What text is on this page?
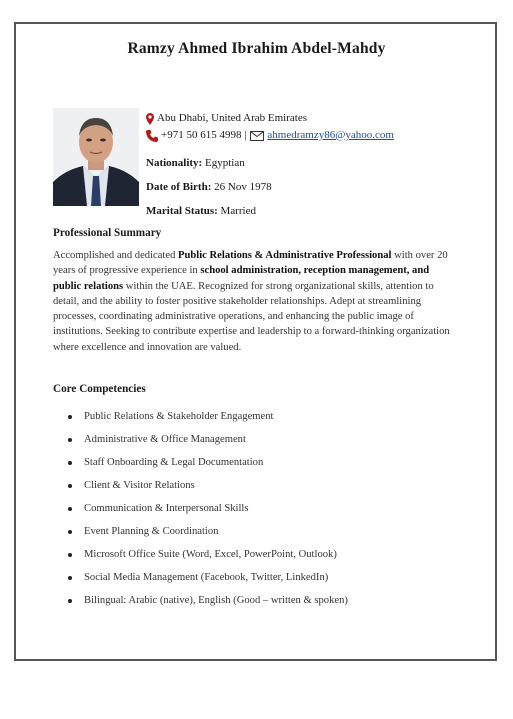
Ramzy Ahmed Ibrahim Abdel-Mahdy
Abu Dhabi, United Arab Emirates
+971 50 615 4998 | ahmedramzy86@yahoo.com
Nationality: Egyptian
Date of Birth: 26 Nov 1978
Marital Status: Married
Professional Summary
Accomplished and dedicated Public Relations & Administrative Professional with over 20 years of progressive experience in school administration, reception management, and public relations within the UAE. Recognized for strong organizational skills, attention to detail, and the ability to foster positive stakeholder relationships. Adept at streamlining processes, coordinating administrative operations, and enhancing the public image of institutions. Seeking to contribute expertise and leadership to a forward-thinking organization where excellence and innovation are valued.
Core Competencies
Public Relations & Stakeholder Engagement
Administrative & Office Management
Staff Onboarding & Legal Documentation
Client & Visitor Relations
Communication & Interpersonal Skills
Event Planning & Coordination
Microsoft Office Suite (Word, Excel, PowerPoint, Outlook)
Social Media Management (Facebook, Twitter, LinkedIn)
Bilingual: Arabic (native), English (Good – written & spoken)
